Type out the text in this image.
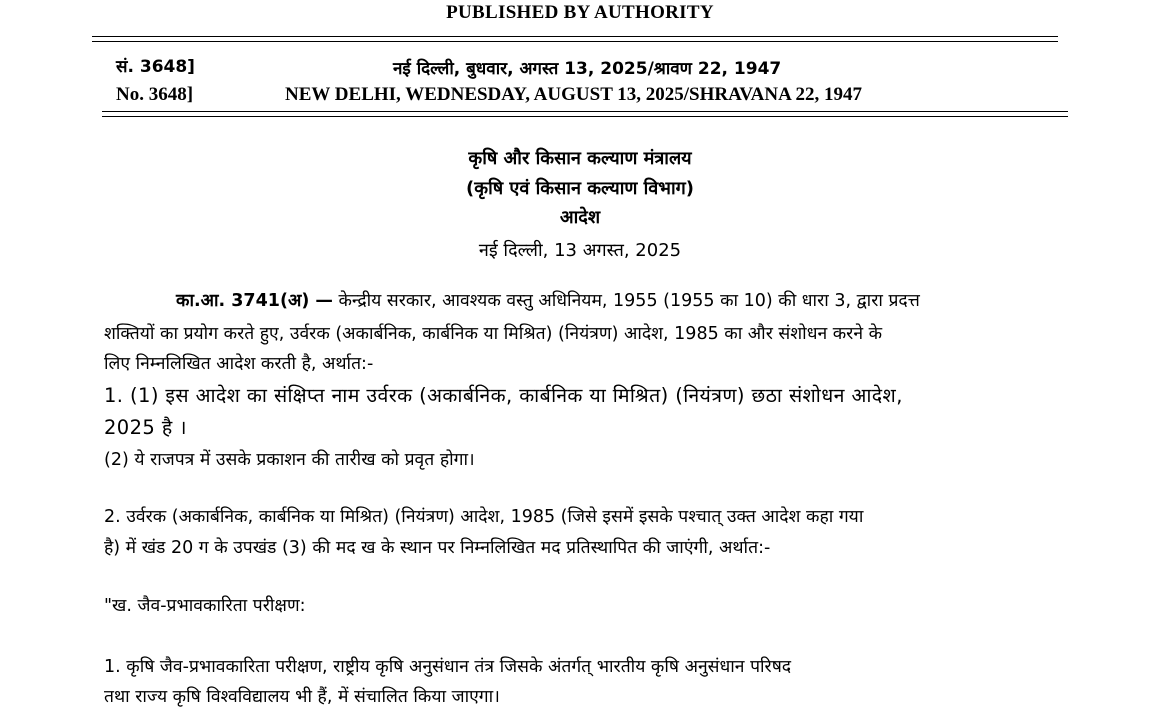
PUBLISHED BY AUTHORITY
सं. 3648]
No. 3648]
नई दिल्ली, बुधवार, अगस्त 13, 2025/श्रावण 22, 1947
NEW DELHI, WEDNESDAY, AUGUST 13, 2025/SHRAVANA 22, 1947
कृषि और किसान कल्याण मंत्रालय
(कृषि एवं किसान कल्याण विभाग)
आदेश
नई दिल्ली, 13 अगस्त, 2025
का.आ. 3741(अ) — केन्द्रीय सरकार, आवश्यक वस्तु अधिनियम, 1955 (1955 का 10) की धारा 3, द्वारा प्रदत्त
शक्तियों का प्रयोग करते हुए, उर्वरक (अकार्बनिक, कार्बनिक या मिश्रित) (नियंत्रण) आदेश, 1985 का और संशोधन करने के
लिए निम्नलिखित आदेश करती है, अर्थात:-
1. (1) इस आदेश का संक्षिप्त नाम उर्वरक (अकार्बनिक, कार्बनिक या मिश्रित) (नियंत्रण) छठा संशोधन आदेश,
2025 है ।
(2) ये राजपत्र में उसके प्रकाशन की तारीख को प्रवृत होगा।
2. उर्वरक (अकार्बनिक, कार्बनिक या मिश्रित) (नियंत्रण) आदेश, 1985 (जिसे इसमें इसके पश्चात् उक्त आदेश कहा गया
है) में खंड 20 ग के उपखंड (3) की मद ख के स्थान पर निम्नलिखित मद प्रतिस्थापित की जाएंगी, अर्थात:-
"ख. जैव-प्रभावकारिता परीक्षण:
1. कृषि जैव-प्रभावकारिता परीक्षण, राष्ट्रीय कृषि अनुसंधान तंत्र जिसके अंतर्गत् भारतीय कृषि अनुसंधान परिषद
तथा राज्य कृषि विश्वविद्यालय भी हैं, में संचालित किया जाएगा।
